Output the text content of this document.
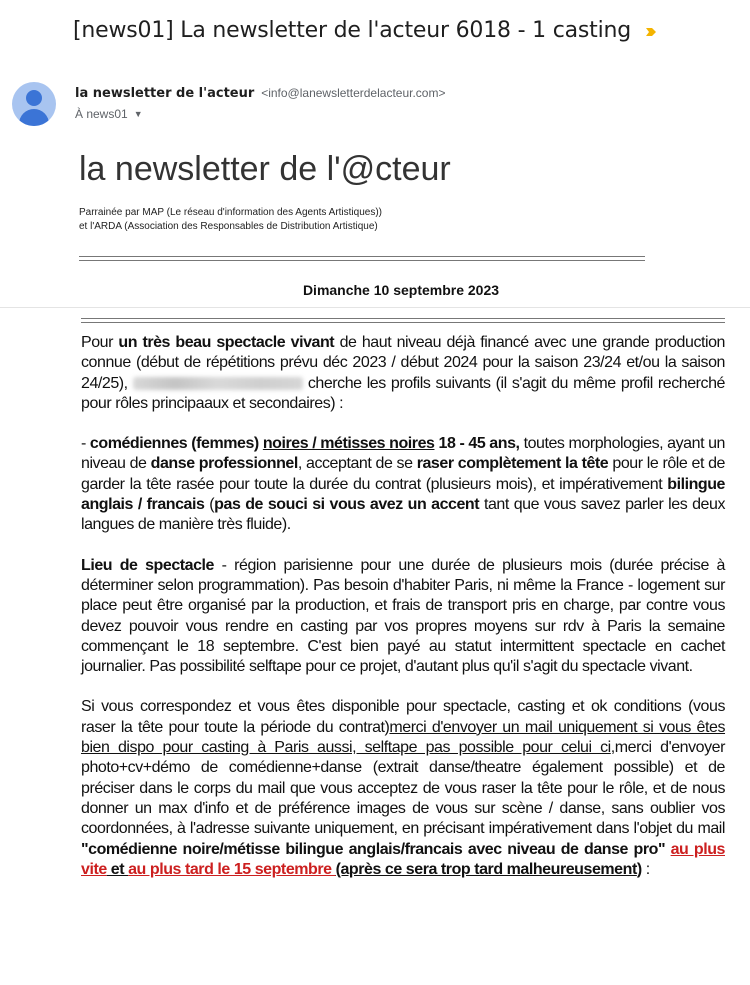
[news01] La newsletter de l'acteur 6018 - 1 casting
la newsletter de l'acteur <info@lanewsletterdelacteur.com>
À news01 ▼
la newsletter de l'@cteur
Parrainée par MAP (Le réseau d'information des Agents Artistiques))
et l'ARDA (Association des Responsables de Distribution Artistique)
Dimanche 10 septembre 2023

Pour un très beau spectacle vivant de haut niveau déjà financé avec une grande production connue (début de répétitions prévu déc 2023 / début 2024 pour la saison 23/24 et/ou la saison 24/25),	cherche les profils suivants (il s'agit du même profil recherché pour rôles principaaux et secondaires) :

- comédiennes (femmes) noires / métisses noires 18 - 45 ans, toutes morphologies, ayant un niveau de danse professionnel, acceptant de se raser complètement la tête pour le rôle et de garder la tête rasée pour toute la durée du contrat (plusieurs mois), et impérativement bilingue anglais / francais (pas de souci si vous avez un accent tant que vous savez parler les deux langues de manière très fluide).

Lieu de spectacle - région parisienne pour une durée de plusieurs mois (durée précise à déterminer selon programmation). Pas besoin d'habiter Paris, ni même la France - logement sur place peut être organisé par la production, et frais de transport pris en charge, par contre vous devez pouvoir vous rendre en casting par vos propres moyens sur rdv à Paris la semaine commençant le 18 septembre. C'est bien payé au statut intermittent spectacle en cachet journalier. Pas possibilité selftape pour ce projet, d'autant plus qu'il s'agit du spectacle vivant.

Si vous correspondez et vous êtes disponible pour spectacle, casting et ok conditions (vous raser la tête pour toute la période du contrat)merci d'envoyer un mail uniquement si vous êtes bien dispo pour casting à Paris aussi, selftape pas possible pour celui ci,merci d'envoyer photo+cv+démo de comédienne+danse (extrait danse/theatre également possible) et de préciser dans le corps du mail que vous acceptez de vous raser la tête pour le rôle, et de nous donner un max d'info et de préférence images de vous sur scène / danse, sans oublier vos coordonnées, à l'adresse suivante uniquement, en précisant impérativement dans l'objet du mail "comédienne noire/métisse bilingue anglais/francais avec niveau de danse pro" au plus vite et au plus tard le 15 septembre (après ce sera trop tard malheureusement) :
